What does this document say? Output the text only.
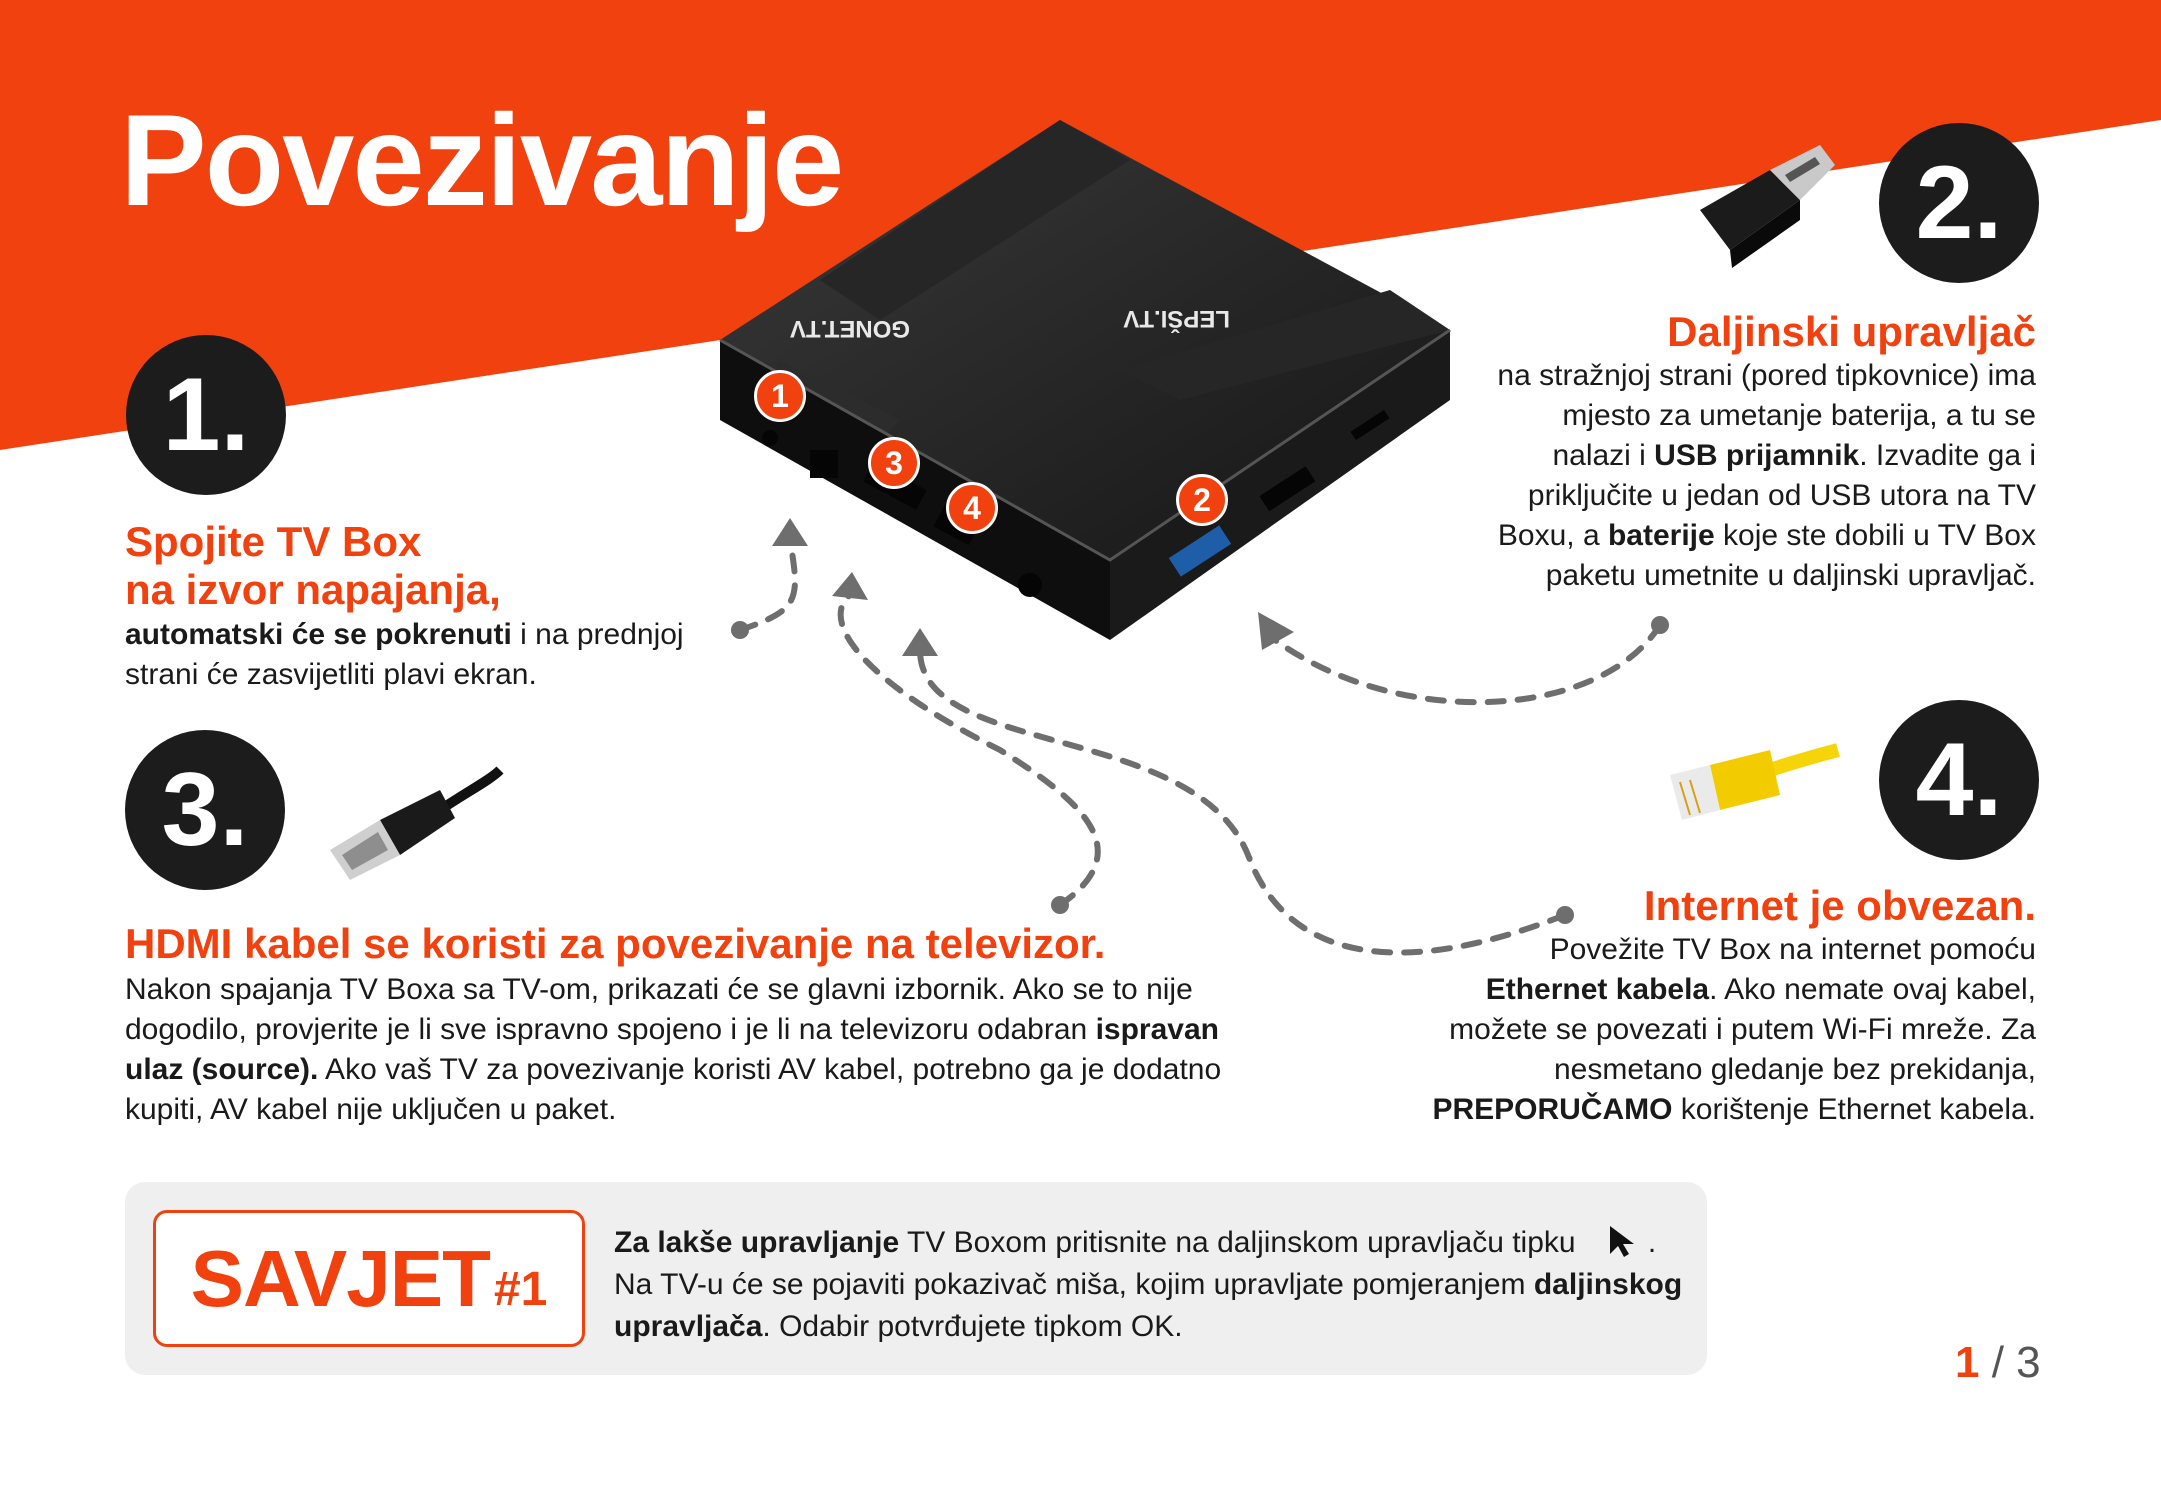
Povezivanje
GONET.TV	LEPŠI.TV
1
3
4	2
1.
2.
3.	4.
Spojite TV Box
na izvor napajanja,
automatski će se pokrenuti i na prednjoj strani će zasvijetliti plavi ekran.
Daljinski upravljač
na stražnjoj strani (pored tipkovnice) ima mjesto za umetanje baterija, a tu se nalazi i USB prijamnik. Izvadite ga i priključite u jedan od USB utora na TV Boxu, a baterije koje ste dobili u TV Box paketu umetnite u daljinski upravljač.
HDMI kabel se koristi za povezivanje na televizor.
Nakon spajanja TV Boxa sa TV-om, prikazati će se glavni izbornik. Ako se to nije dogodilo, provjerite je li sve ispravno spojeno i je li na televizoru odabran ispravan ulaz (source). Ako vaš TV za povezivanje koristi AV kabel, potrebno ga je dodatno kupiti, AV kabel nije uključen u paket.
Internet je obvezan.
Povežite TV Box na internet pomoću Ethernet kabela. Ako nemate ovaj kabel, možete se povezati i putem Wi-Fi mreže. Za nesmetano gledanje bez prekidanja, PREPORUČAMO korištenje Ethernet kabela.
SAVJET #1
Za lakše upravljanje TV Boxom pritisnite na daljinskom upravljaču tipku .
Na TV-u će se pojaviti pokazivač miša, kojim upravljate pomjeranjem daljinskog
upravljača. Odabir potvrđujete tipkom OK.
1 / 3
